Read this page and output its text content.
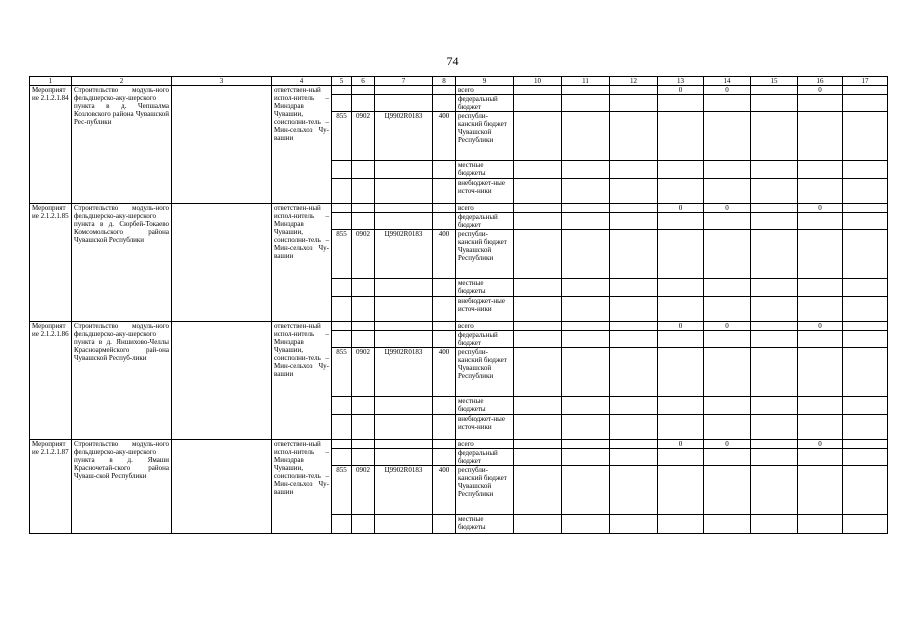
74
1	2	3	4	5	6	7	8	9	10	11	12	13	14	15	16	17
Мероприятие 2.1.2.1.84	Строительство модуль-ного фельдшерско-аку-шерского пункта в д. Чепшалма Козловского района Чувашской Рес-публики		ответствен-ный испол-нитель – Минздрав Чувашии, соисполни-тель – Мин-сельхоз Чу-вашии					всего				0	0		0	
								федеральный бюджет								
				855	0902	Ц9902R0183	400	республи-канский бюджет Чувашской Республики								
								местные бюджеты								
								внебюджет-ные источ-ники								
Мероприятие 2.1.2.1.85	Строительство модуль-ного фельдшерско-аку-шерского пункта в д. Сюрбей-Токаево Комсомольского района Чувашской Республики		ответствен-ный испол-нитель – Минздрав Чувашии, соисполни-тель – Мин-сельхоз Чу-вашии					всего				0	0		0	
								федеральный бюджет								
				855	0902	Ц9902R0183	400	республи-канский бюджет Чувашской Республики								
								местные бюджеты								
								внебюджет-ные источ-ники								
Мероприятие 2.1.2.1.86	Строительство модуль-ного фельдшерско-аку-шерского пункта в д. Яншихово-Челлы Красноармейского рай-она Чувашской Респуб-лики		ответствен-ный испол-нитель – Минздрав Чувашии, соисполни-тель – Мин-сельхоз Чу-вашии					всего				0	0		0	
								федеральный бюджет								
				855	0902	Ц9902R0183	400	республи-канский бюджет Чувашской Республики								
								местные бюджеты								
								внебюджет-ные источ-ники								
Мероприятие 2.1.2.1.87	Строительство модуль-ного фельдшерско-аку-шерского пункта в д. Ямаши Красночетай-ского района Чуваш-ской Республики		ответствен-ный испол-нитель – Минздрав Чувашии, соисполни-тель – Мин-сельхоз Чу-вашии					всего				0	0		0	
								федеральный бюджет								
				855	0902	Ц9902R0183	400	республи-канский бюджет Чувашской Республики								
								местные бюджеты								
